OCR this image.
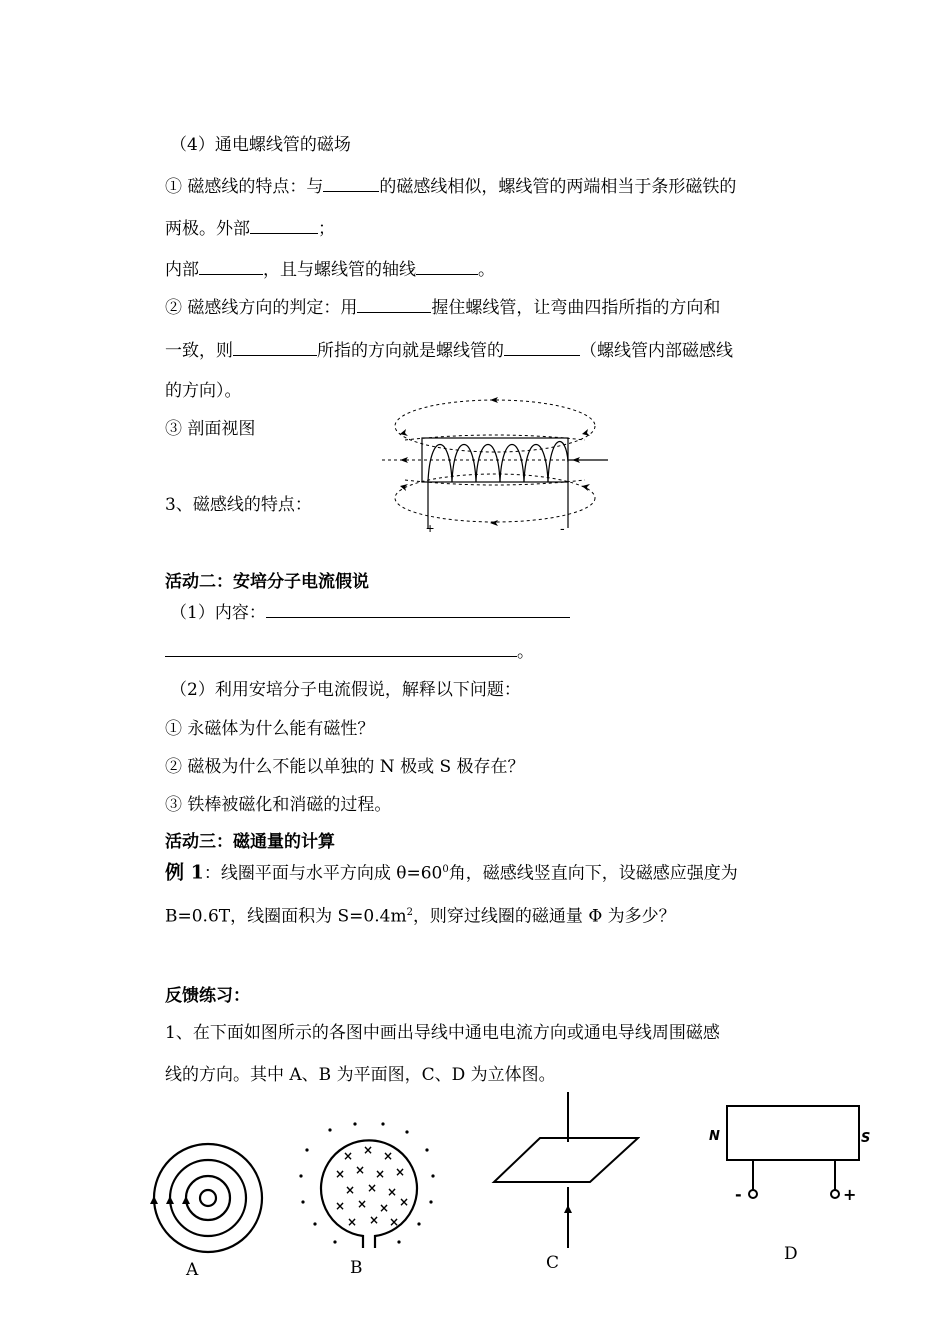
（4）通电螺线管的磁场
① 磁感线的特点：与	的磁感线相似，螺线管的两端相当于条形磁铁的
两极。外部	；
内部	，且与螺线管的轴线	。
② 磁感线方向的判定：用	握住螺线管，让弯曲四指所指的方向和
一致，则	所指的方向就是螺线管的	（螺线管内部磁感线
的方向）。
③ 剖面视图
3、磁感线的特点：
+	-
活动二：安培分子电流假说
（1）内容：
。
（2）利用安培分子电流假说，解释以下问题：
① 永磁体为什么能有磁性？
② 磁极为什么不能以单独的 N 极或 S 极存在？
③ 铁棒被磁化和消磁的过程。
活动三：磁通量的计算
例 1：线圈平面与水平方向成 $\theta=60^0$角，磁感线竖直向下，设磁感应强度为
B=0.6T，线圈面积为 $S=0.4m^2$，则穿过线圈的磁通量 Φ 为多少？
反馈练习：
1、在下面如图所示的各图中画出导线中通电电流方向或通电导线周围磁感
线的方向。其中 A、B 为平面图，C、D 为立体图。
A
× × ×
× × × ×
× × ×
× × × ×
× × ×
B	C
N	S
-	+
D
